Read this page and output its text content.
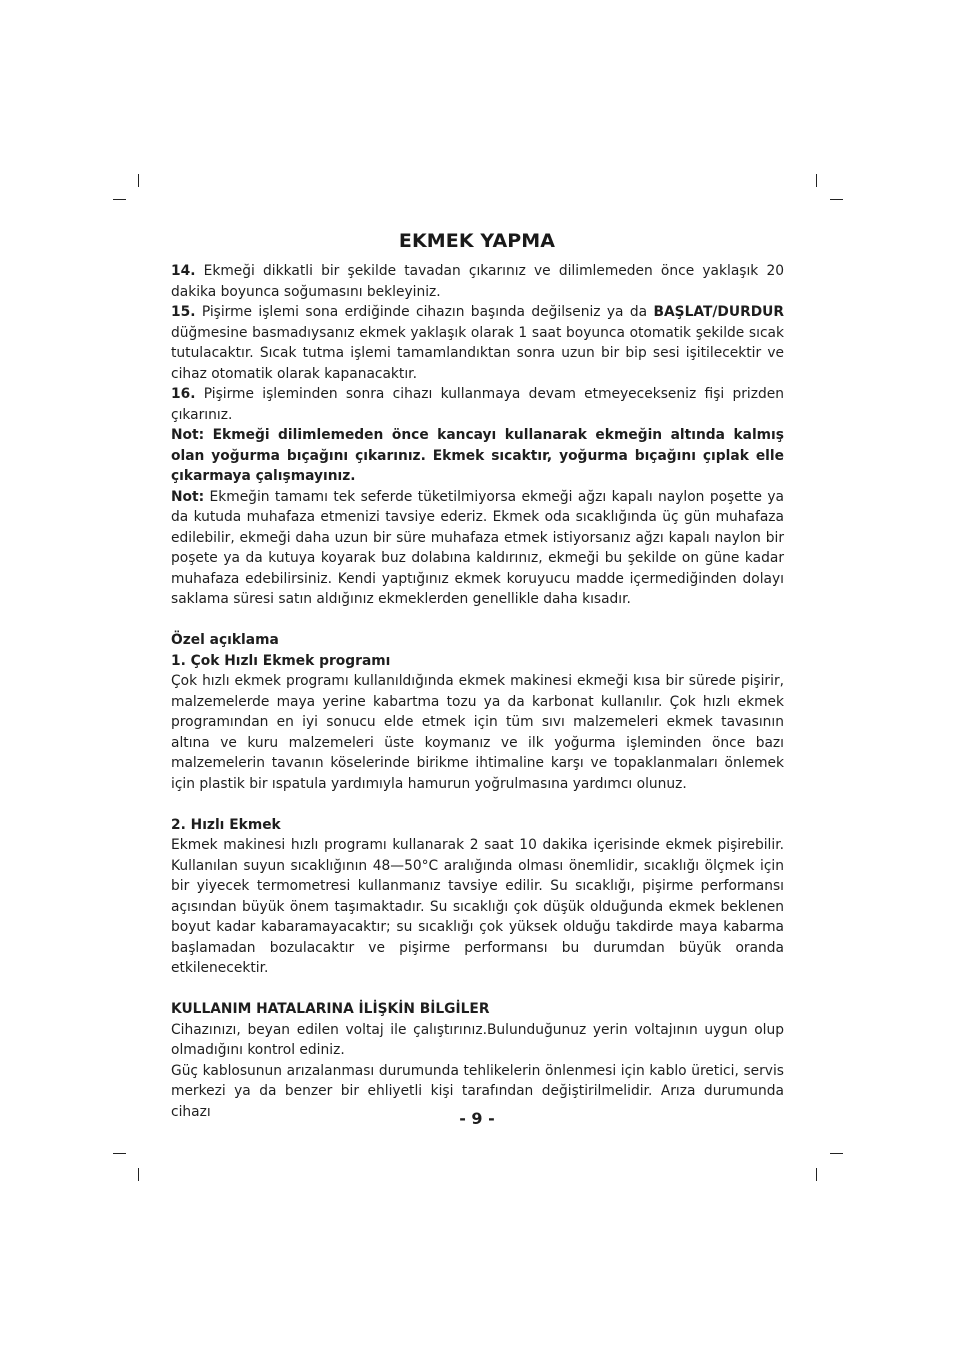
EKMEK YAPMA

14. Ekmeği dikkatli bir şekilde tavadan çıkarınız ve dilimlemeden önce yaklaşık 20 dakika boyunca soğumasını bekleyiniz.

15. Pişirme işlemi sona erdiğinde cihazın başında değilseniz ya da BAŞLAT/DURDUR düğmesine basmadıysanız ekmek yaklaşık olarak 1 saat boyunca otomatik şekilde sıcak tutulacaktır. Sıcak tutma işlemi tamamlandıktan sonra uzun bir bip sesi işitilecektir ve cihaz otomatik olarak kapanacaktır.

16. Pişirme işleminden sonra cihazı kullanmaya devam etmeyecekseniz fişi prizden çıkarınız.

Not: Ekmeği dilimlemeden önce kancayı kullanarak ekmeğin altında kalmış olan yoğurma bıçağını çıkarınız. Ekmek sıcaktır, yoğurma bıçağını çıplak elle çıkarmaya çalışmayınız.

Not: Ekmeğin tamamı tek seferde tüketilmiyorsa ekmeği ağzı kapalı naylon poşette ya da kutuda muhafaza etmenizi tavsiye ederiz. Ekmek oda sıcaklığında üç gün muhafaza edilebilir, ekmeği daha uzun bir süre muhafaza etmek istiyorsanız ağzı kapalı naylon bir poşete ya da kutuya koyarak buz dolabına kaldırınız, ekmeği bu şekilde on güne kadar muhafaza edebilirsiniz. Kendi yaptığınız ekmek koruyucu madde içermediğinden dolayı saklama süresi satın aldığınız ekmeklerden genellikle daha kısadır.

Özel açıklama

1. Çok Hızlı Ekmek programı

Çok hızlı ekmek programı kullanıldığında ekmek makinesi ekmeği kısa bir sürede pişirir, malzemelerde maya yerine kabartma tozu ya da karbonat kullanılır. Çok hızlı ekmek programından en iyi sonucu elde etmek için tüm sıvı malzemeleri ekmek tavasının altına ve kuru malzemeleri üste koymanız ve ilk yoğurma işleminden önce bazı malzemelerin tavanın köselerinde birikme ihtimaline karşı ve topaklanmaları önlemek için plastik bir ıspatula yardımıyla hamurun yoğrulmasına yardımcı olunuz.

2. Hızlı Ekmek

Ekmek makinesi hızlı programı kullanarak 2 saat 10 dakika içerisinde ekmek pişirebilir. Kullanılan suyun sıcaklığının 48—50°C aralığında olması önemlidir, sıcaklığı ölçmek için bir yiyecek termometresi kullanmanız tavsiye edilir. Su sıcaklığı, pişirme performansı açısından büyük önem taşımaktadır. Su sıcaklığı çok düşük olduğunda ekmek beklenen boyut kadar kabaramayacaktır; su sıcaklığı çok yüksek olduğu takdirde maya kabarma başlamadan bozulacaktır ve pişirme performansı bu durumdan büyük oranda etkilenecektir.

KULLANIM HATALARINA İLİŞKİN BİLGİLER

Cihazınızı, beyan edilen voltaj ile çalıştırınız.Bulunduğunuz yerin voltajının uygun olup olmadığını kontrol ediniz.

Güç kablosunun arızalanması durumunda tehlikelerin önlenmesi için kablo üretici, servis merkezi ya da benzer bir ehliyetli kişi tarafından değiştirilmelidir. Arıza durumunda cihazı	- 9 -
